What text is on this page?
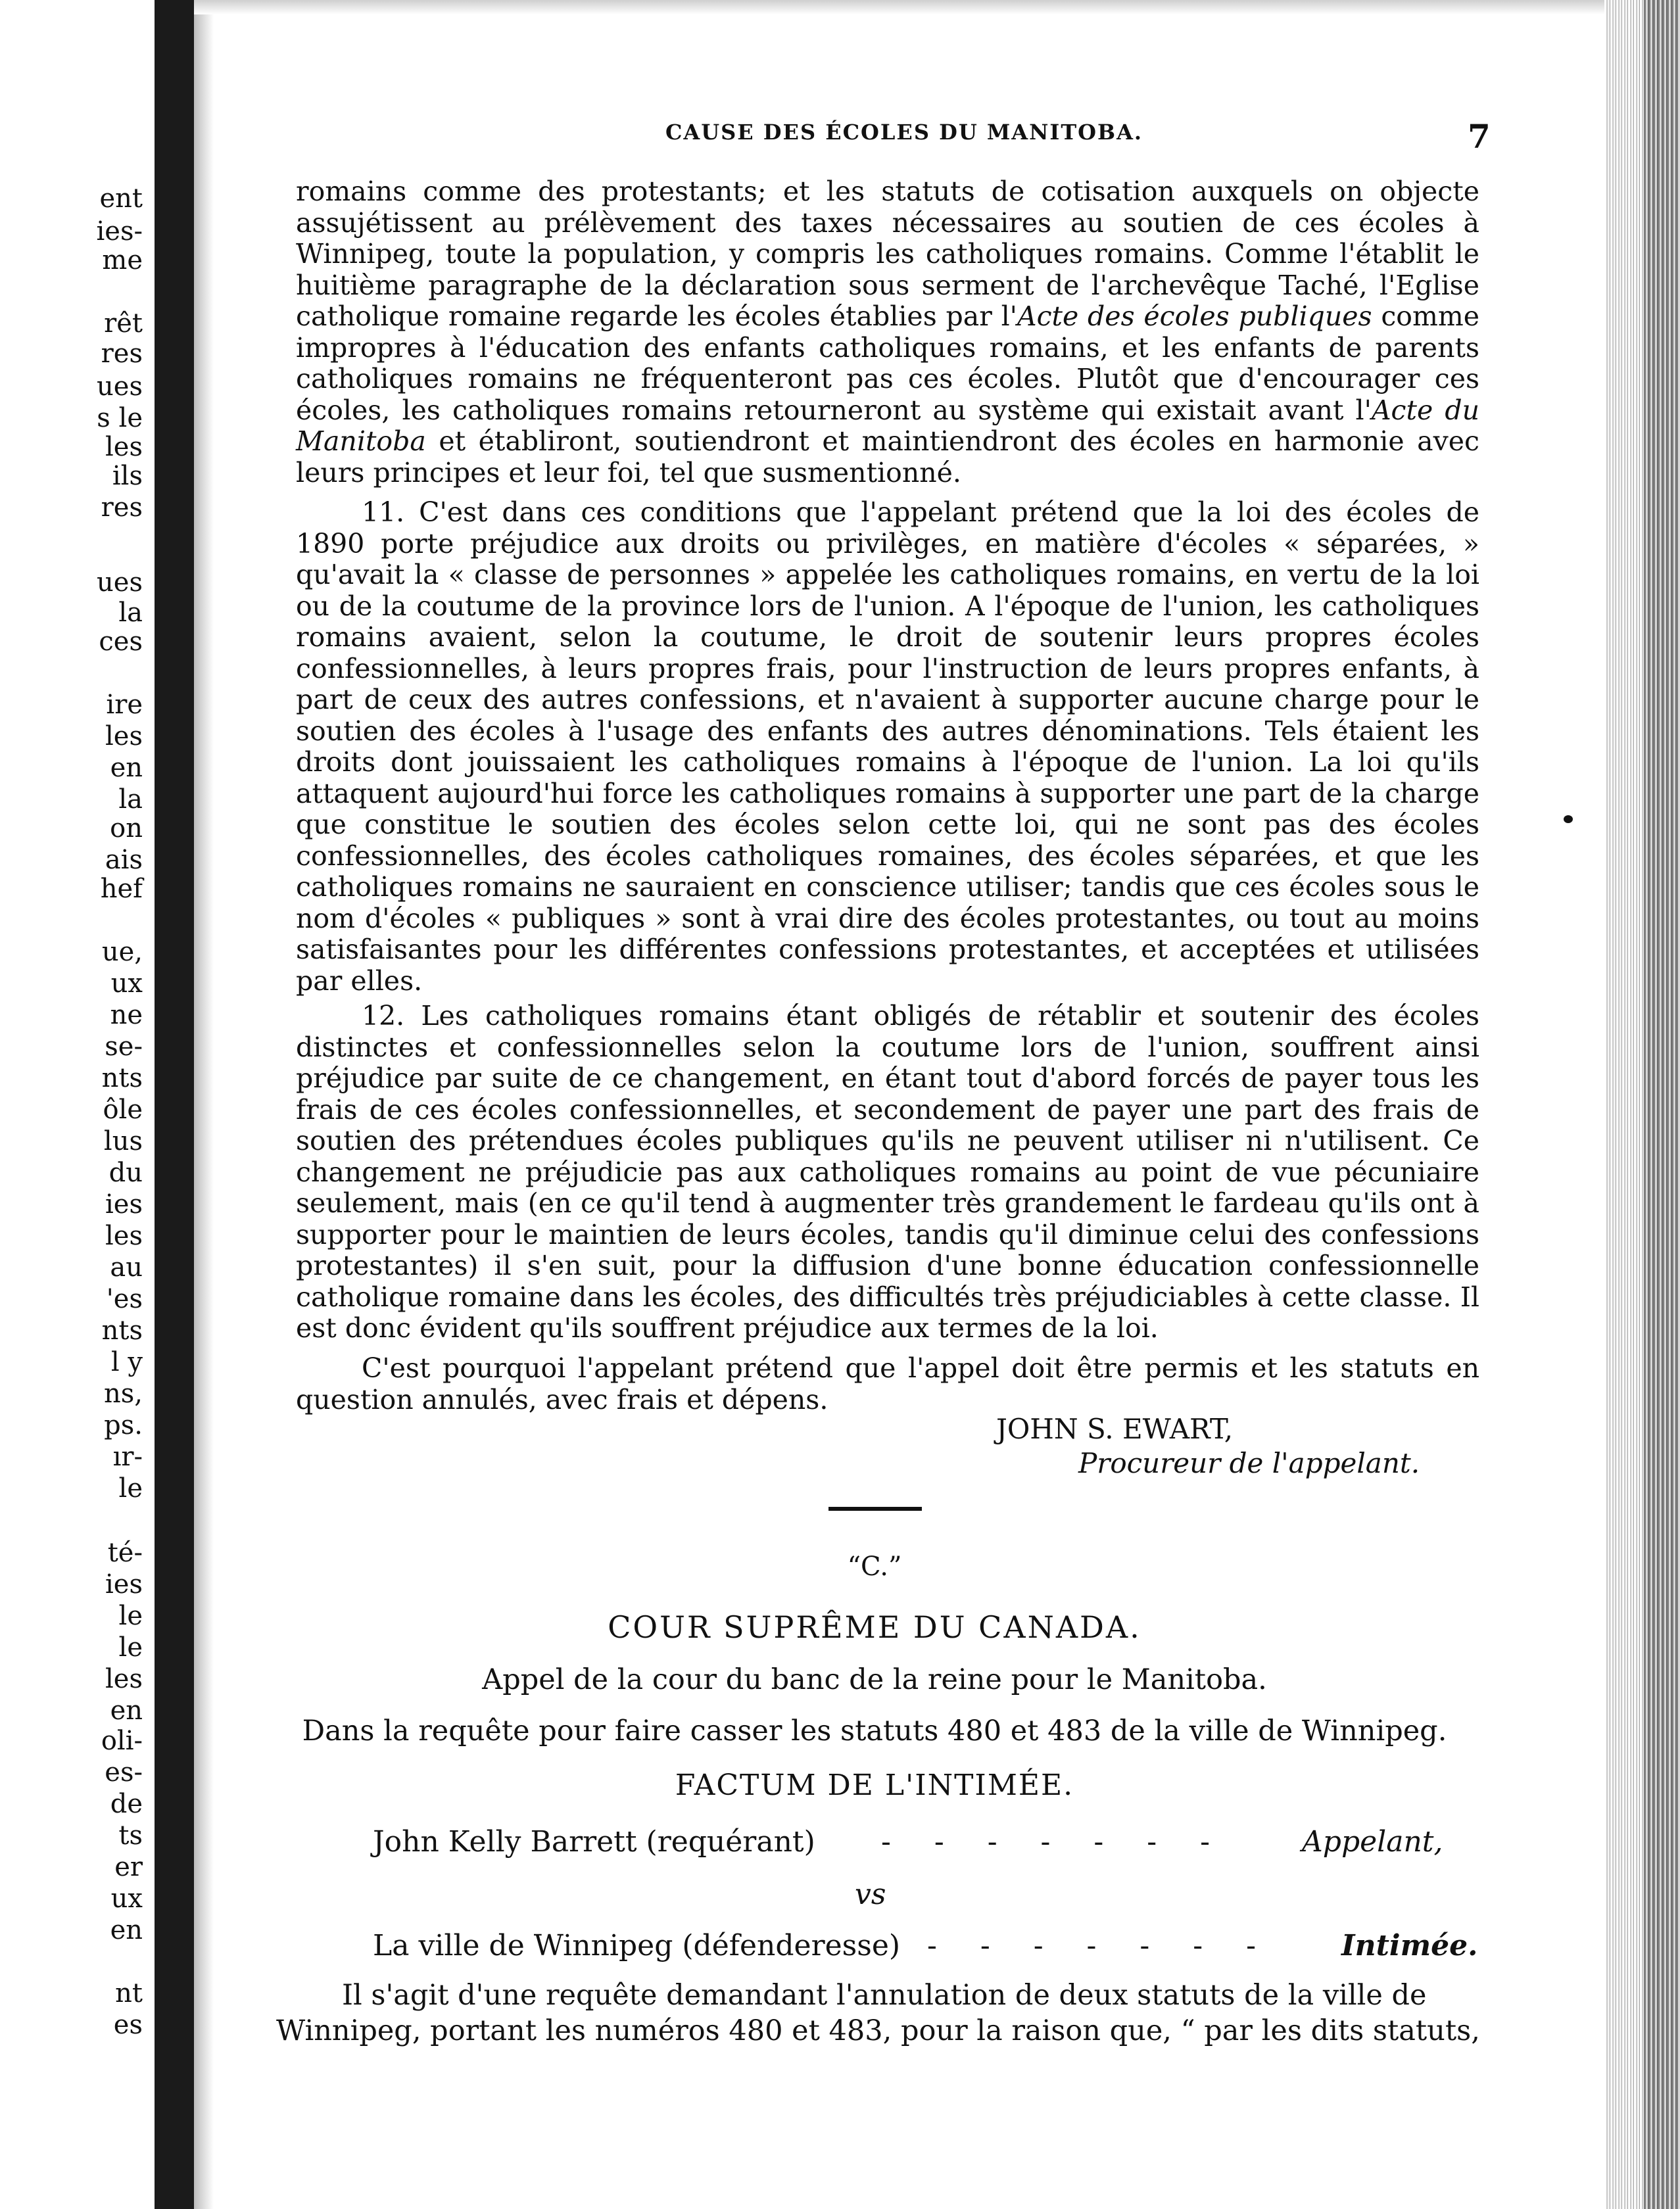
ent
ies-
me
rêt
res
ues
s le
les
ils
res
ues
la
ces
ire
les
en
la
on
ais
hef
ue,
ux
ne
se-
nts
ôle
lus
du
ies
les
au
'es
nts
l y
ns,
ps.
ır-
le
té-
ies
le
le
les
en
oli-
es-
de
ts
er
ux
en
nt
es
CAUSE DES ÉCOLES DU MANITOBA.	7

romains comme des protestants; et les statuts de cotisation auxquels on objecte assujétissent au prélèvement des taxes nécessaires au soutien de ces écoles à Winnipeg, toute la population, y compris les catholiques romains. Comme l'établit le huitième paragraphe de la déclaration sous serment de l'archevêque Taché, l'Eglise catholique romaine regarde les écoles établies par l'Acte des écoles publiques comme impropres à l'éducation des enfants catholiques romains, et les enfants de parents catholiques romains ne fréquenteront pas ces écoles. Plutôt que d'encourager ces écoles, les catholiques romains retourneront au système qui existait avant l'Acte du Manitoba et établiront, soutiendront et maintiendront des écoles en harmonie avec leurs principes et leur foi, tel que susmentionné.

11. C'est dans ces conditions que l'appelant prétend que la loi des écoles de 1890 porte préjudice aux droits ou privilèges, en matière d'écoles « séparées, » qu'avait la « classe de personnes » appelée les catholiques romains, en vertu de la loi ou de la coutume de la province lors de l'union. A l'époque de l'union, les catholiques romains avaient, selon la coutume, le droit de soutenir leurs propres écoles confessionnelles, à leurs propres frais, pour l'instruction de leurs propres enfants, à part de ceux des autres confessions, et n'avaient à supporter aucune charge pour le soutien des écoles à l'usage des enfants des autres dénominations. Tels étaient les droits dont jouissaient les catholiques romains à l'époque de l'union. La loi qu'ils attaquent aujourd'hui force les catholiques romains à supporter une part de la charge que constitue le soutien des écoles selon cette loi, qui ne sont pas des écoles confessionnelles, des écoles catholiques romaines, des écoles séparées, et que les catholiques romains ne sauraient en conscience utiliser; tandis que ces écoles sous le nom d'écoles « publiques » sont à vrai dire des écoles protestantes, ou tout au moins satisfaisantes pour les différentes confessions protestantes, et acceptées et utilisées par elles.

12. Les catholiques romains étant obligés de rétablir et soutenir des écoles distinctes et confessionnelles selon la coutume lors de l'union, souffrent ainsi préjudice par suite de ce changement, en étant tout d'abord forcés de payer tous les frais de ces écoles confessionnelles, et secondement de payer une part des frais de soutien des prétendues écoles publiques qu'ils ne peuvent utiliser ni n'utilisent. Ce changement ne préjudicie pas aux catholiques romains au point de vue pécuniaire seulement, mais (en ce qu'il tend à augmenter très grandement le fardeau qu'ils ont à supporter pour le maintien de leurs écoles, tandis qu'il diminue celui des confessions protestantes) il s'en suit, pour la diffusion d'une bonne éducation confessionnelle catholique romaine dans les écoles, des difficultés très préjudiciables à cette classe. Il est donc évident qu'ils souffrent préjudice aux termes de la loi.

C'est pourquoi l'appelant prétend que l'appel doit être permis et les statuts en question annulés, avec frais et dépens.

JOHN S. EWART,
Procureur de l'appelant.
“C.”
COUR SUPRÊME DU CANADA.
Appel de la cour du banc de la reine pour le Manitoba.
Dans la requête pour faire casser les statuts 480 et 483 de la ville de Winnipeg.
FACTUM DE L'INTIMÉE.
John Kelly Barrett (requérant) - - - - - - -	Appelant,
vs
La ville de Winnipeg (défenderesse) - - - - - - - Intimée.
Il s'agit d'une requête demandant l'annulation de deux statuts de la ville de
Winnipeg, portant les numéros 480 et 483, pour la raison que, “ par les dits statuts,
